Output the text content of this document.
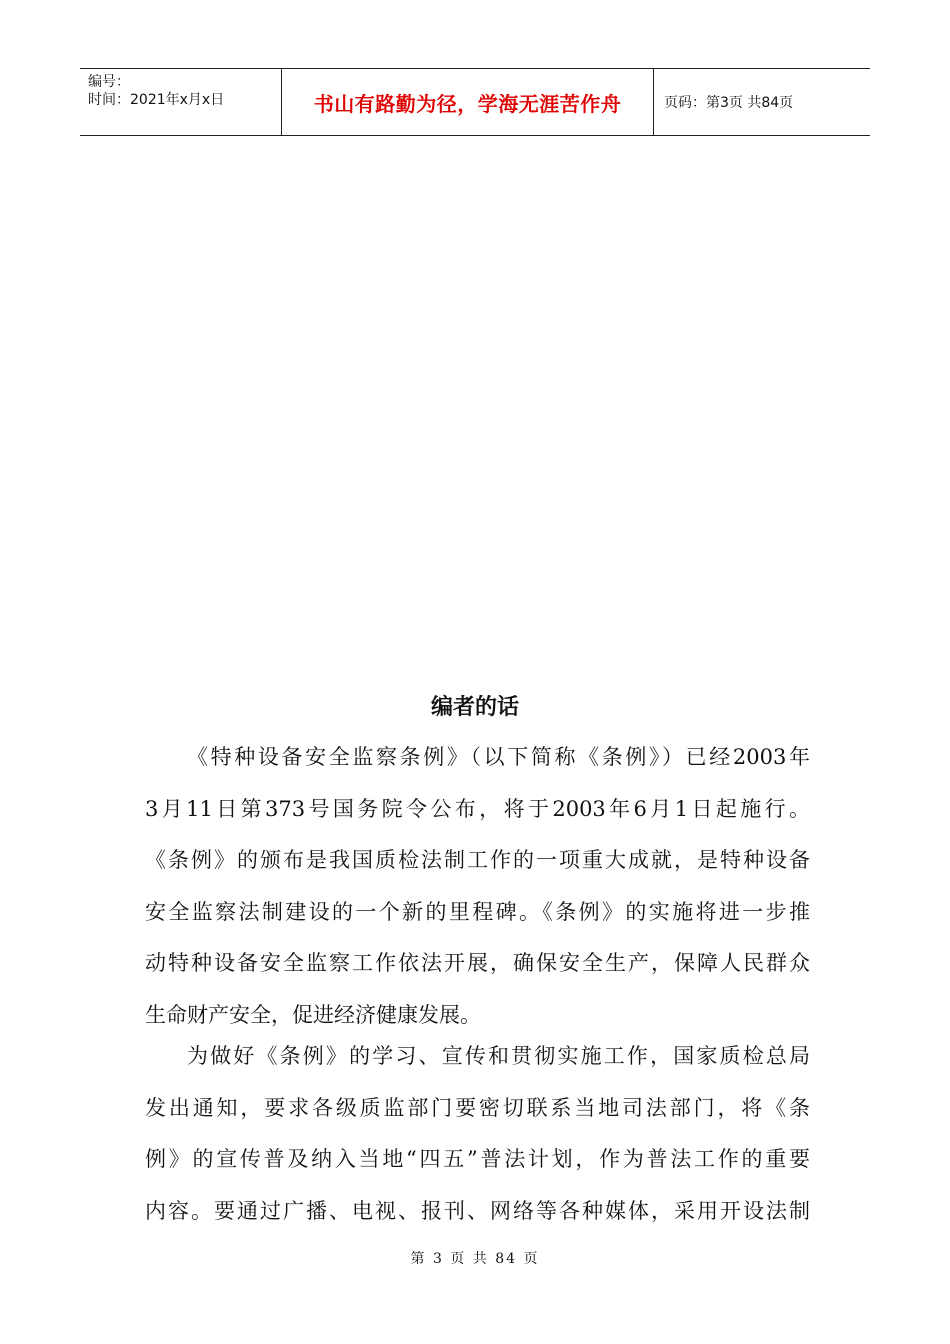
编号：
时间：2021年x月x日	书山有路勤为径，学海无涯苦作舟	页码：第3页 共84页
编者的话
《特种设备安全监察条例》（以下简称《条例》）已经2003年
3月11日第373号国务院令公布，将于2003年6月1日起施行。
《条例》的颁布是我国质检法制工作的一项重大成就，是特种设备
安全监察法制建设的一个新的里程碑。《条例》的实施将进一步推
动特种设备安全监察工作依法开展，确保安全生产，保障人民群众
生命财产安全，促进经济健康发展。
为做好《条例》的学习、宣传和贯彻实施工作，国家质检总局
发出通知，要求各级质监部门要密切联系当地司法部门，将《条
例》的宣传普及纳入当地“四五”普法计划，作为普法工作的重要
内容。要通过广播、电视、报刊、网络等各种媒体，采用开设法制
第 3 页 共 84 页
